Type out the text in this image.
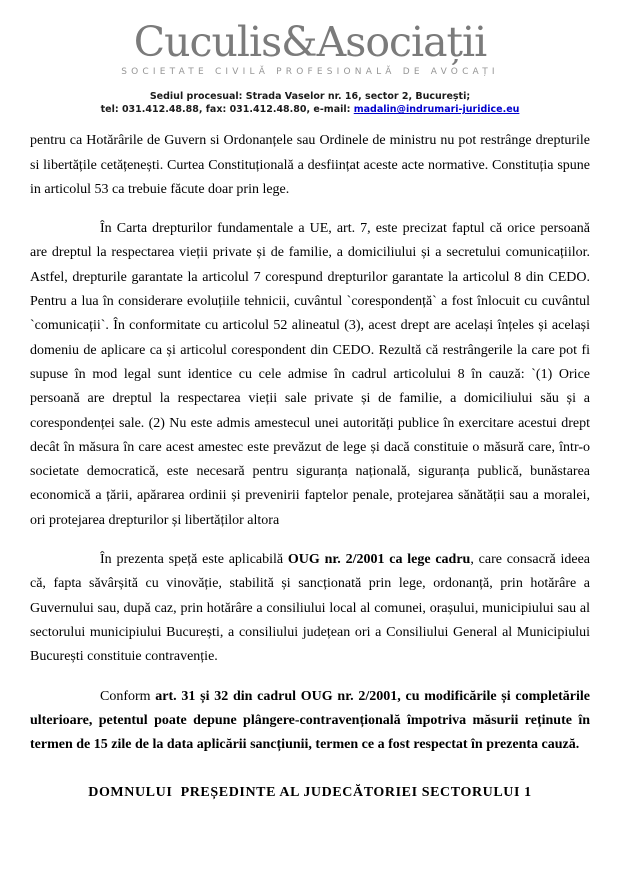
Cuculis&Asociații
SOCIETATE CIVILĂ PROFESIONALĂ DE AVOCAȚI
Sediul procesual: Strada Vaselor nr. 16, sector 2, București;
tel: 031.412.48.88, fax: 031.412.48.80, e-mail: madalin@indrumari-juridice.eu

pentru ca Hotărârile de Guvern si Ordonanțele sau Ordinele de ministru nu pot restrânge drepturile si libertățile cetățenești. Curtea Constituțională a desființat aceste acte normative. Constituția spune in articolul 53 ca trebuie făcute doar prin lege.

În Carta drepturilor fundamentale a UE, art. 7, este precizat faptul că orice persoană are dreptul la respectarea vieții private și de familie, a domiciliului și a secretului comunicațiilor. Astfel, drepturile garantate la articolul 7 corespund drepturilor garantate la articolul 8 din CEDO. Pentru a lua în considerare evoluțiile tehnicii, cuvântul `corespondență` a fost înlocuit cu cuvântul `comunicații`. În conformitate cu articolul 52 alineatul (3), acest drept are același înțeles și același domeniu de aplicare ca și articolul corespondent din CEDO. Rezultă că restrângerile la care pot fi supuse în mod legal sunt identice cu cele admise în cadrul articolului 8 în cauză: `(1) Orice persoană are dreptul la respectarea vieții sale private și de familie, a domiciliului său și a corespondenței sale. (2) Nu este admis amestecul unei autorități publice în exercitare acestui drept decât în măsura în care acest amestec este prevăzut de lege și dacă constituie o măsură care, într-o societate democratică, este necesară pentru siguranța națională, siguranța publică, bunăstarea economică a țării, apărarea ordinii și prevenirii faptelor penale, protejarea sănătății sau a moralei, ori protejarea drepturilor și libertăților altora

În prezenta speță este aplicabilă OUG nr. 2/2001 ca lege cadru, care consacră ideea că, fapta săvârșită cu vinovăție, stabilită și sancționată prin lege, ordonanță, prin hotărâre a Guvernului sau, după caz, prin hotărâre a consiliului local al comunei, orașului, municipiului sau al sectorului municipiului București, a consiliului județean ori a Consiliului General al Municipiului București constituie contravenție.

Conform art. 31 și 32 din cadrul OUG nr. 2/2001, cu modificările și completările ulterioare, petentul poate depune plângere-contravențională împotriva măsurii reținute în termen de 15 zile de la data aplicării sancțiunii, termen ce a fost respectat în prezenta cauză.

DOMNULUI  PREȘEDINTE AL JUDECĂTORIEI SECTORULUI 1
